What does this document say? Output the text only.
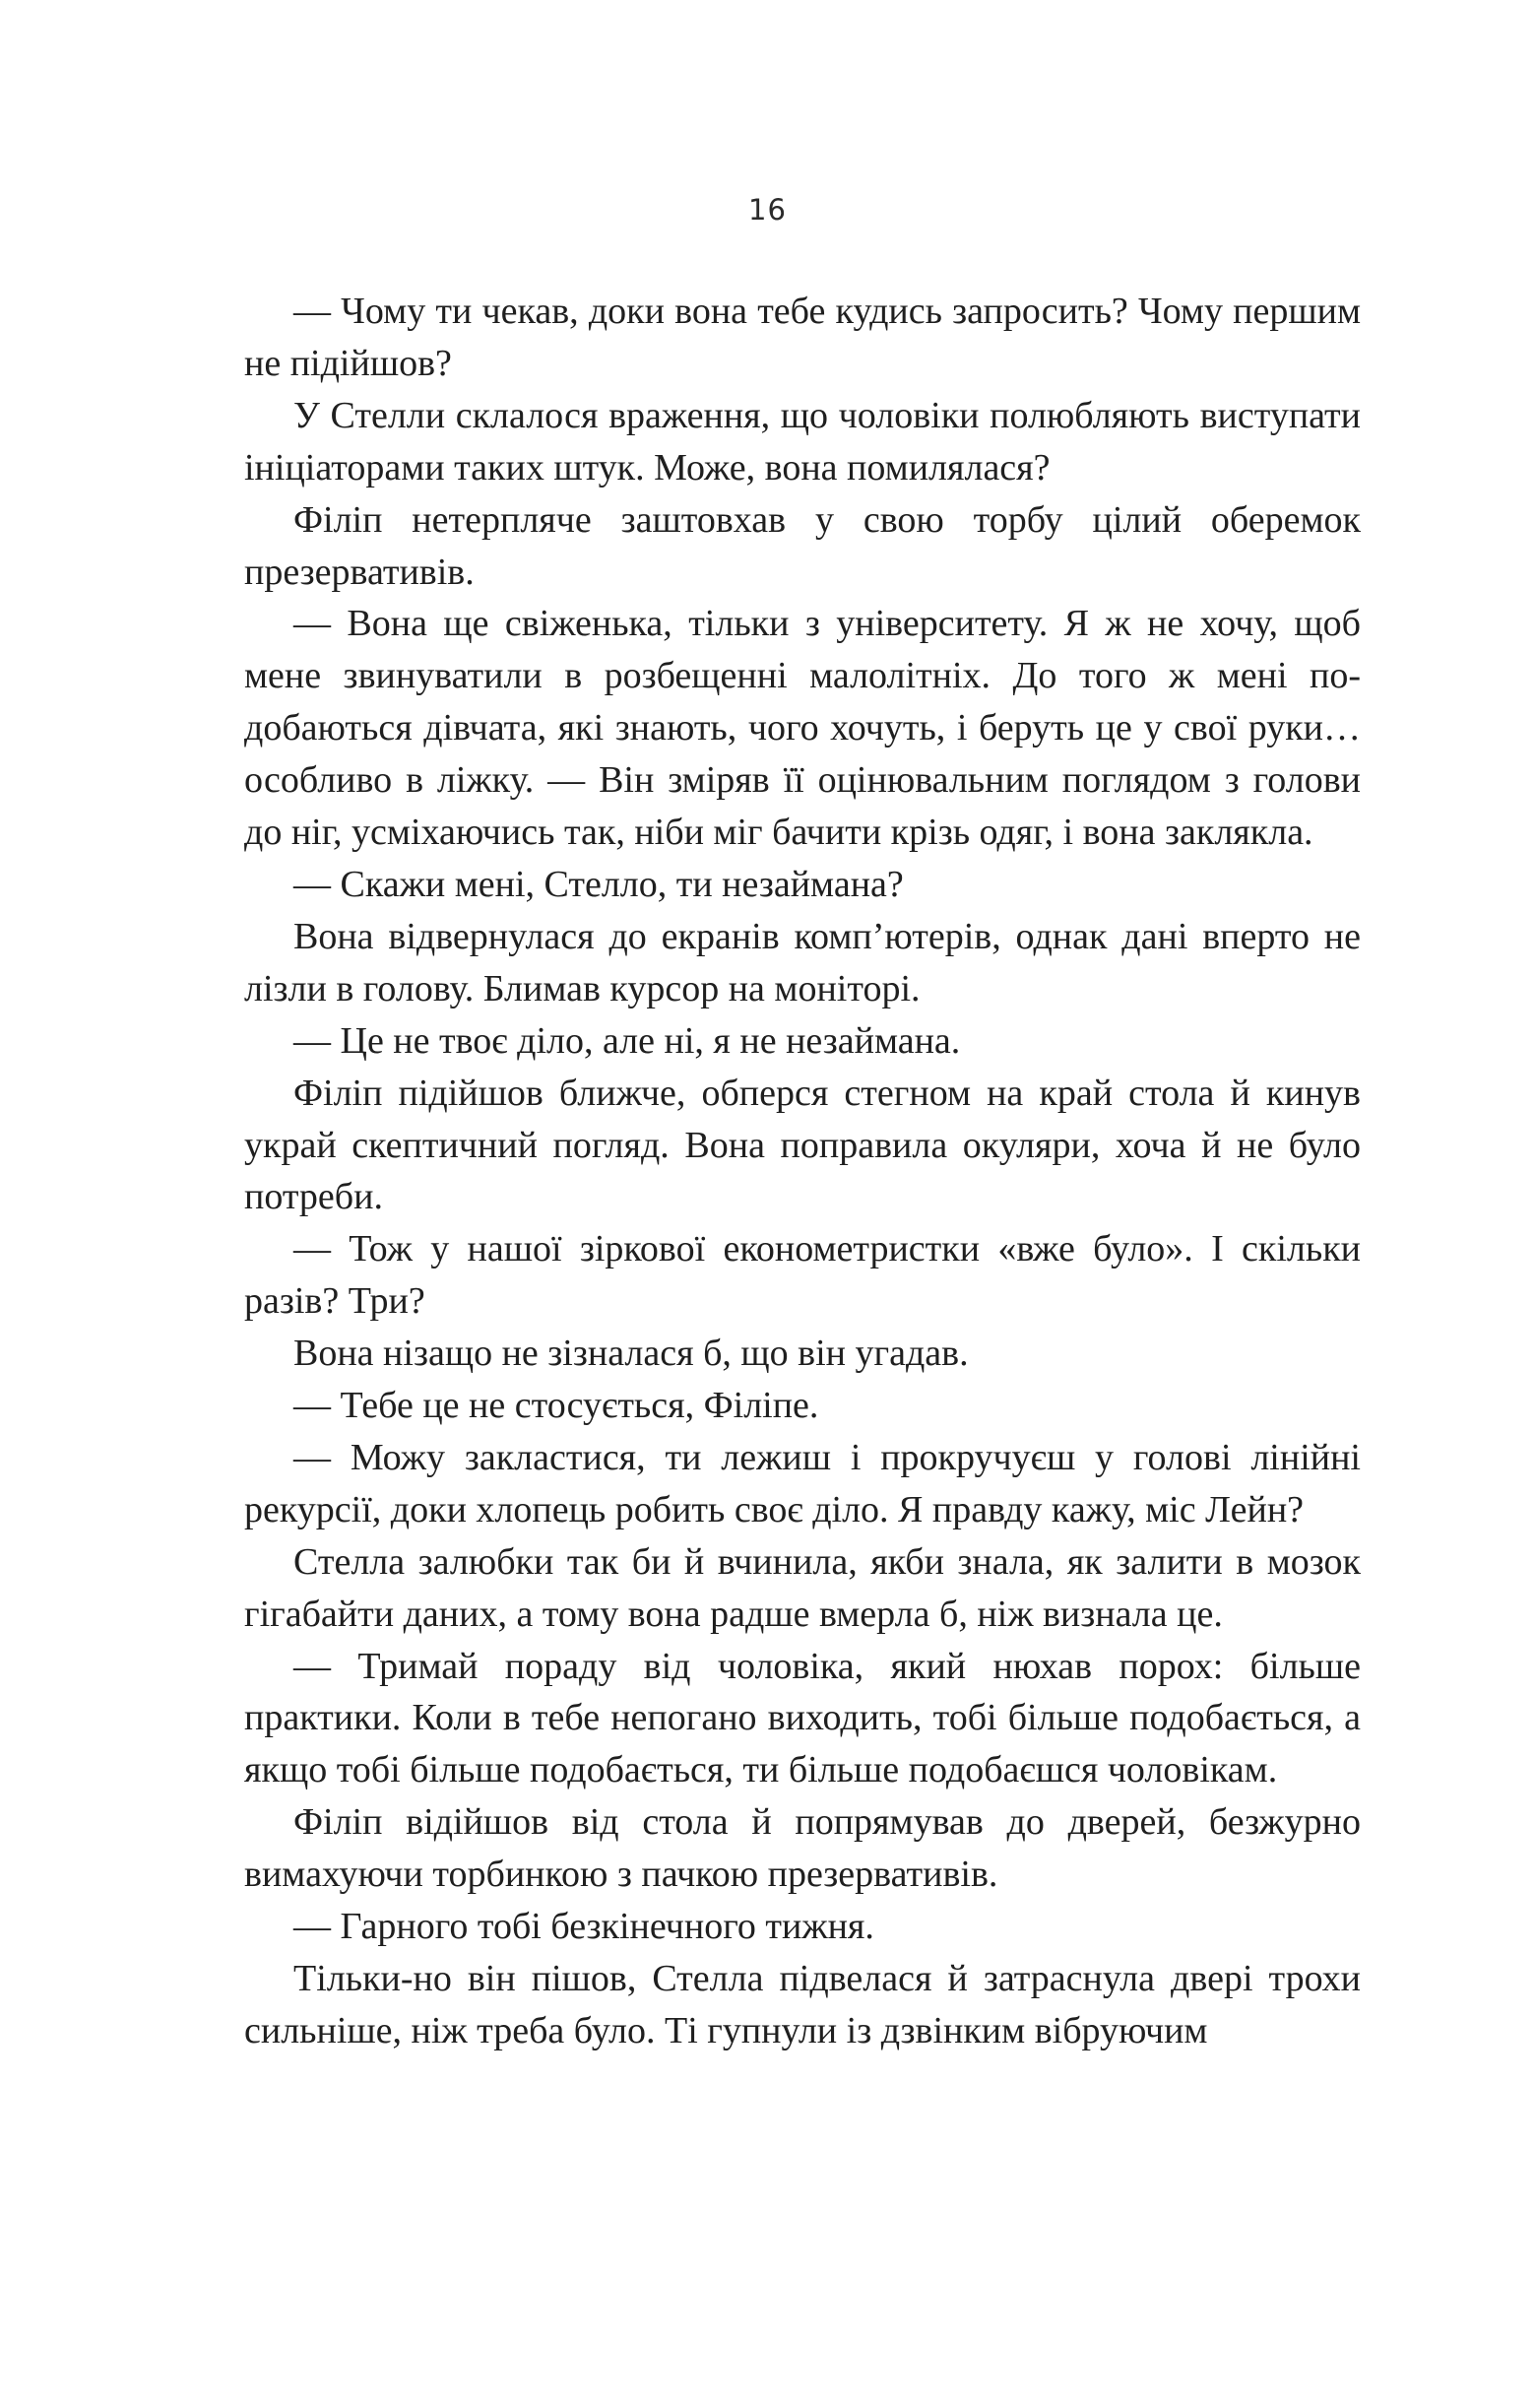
16

— Чому ти чекав, доки вона тебе кудись запросить? Чому першим не підійшов?

У Стелли склалося враження, що чоловіки полюбляють виступати ініціаторами таких штук. Може, вона помилялася?

Філіп нетерпляче заштовхав у свою торбу цілий оберемок презервативів.

— Вона ще свіженька, тільки з університету. Я ж не хочу, щоб мене звинуватили в розбещенні малолітніх. До того ж мені подобаються дівчата, які знають, чого хочуть, і беруть це у свої руки… особливо в ліжку. — Він зміряв її оцінювальним поглядом з голови до ніг, усміхаючись так, ніби міг бачити крізь одяг, і вона заклякла.

— Скажи мені, Стелло, ти незаймана?

Вона відвернулася до екранів комп’ютерів, однак дані вперто не лізли в голову. Блимав курсор на моніторі.

— Це не твоє діло, але ні, я не незаймана.

Філіп підійшов ближче, обперся стегном на край стола й кинув украй скептичний погляд. Вона поправила окуляри, хоча й не було потреби.

— Тож у нашої зіркової економетристки «вже було». І скільки разів? Три?

Вона нізащо не зізналася б, що він угадав.

— Тебе це не стосується, Філіпе.

— Можу закластися, ти лежиш і прокручуєш у голові лінійні рекурсії, доки хлопець робить своє діло. Я правду кажу, міс Лейн?

Стелла залюбки так би й вчинила, якби знала, як залити в мозок гігабайти даних, а тому вона радше вмерла б, ніж визнала це.

— Тримай пораду від чоловіка, який нюхав порох: більше практики. Коли в тебе непогано виходить, тобі більше подобається, а якщо тобі більше подобається, ти більше подобаєшся чоловікам.

Філіп відійшов від стола й попрямував до дверей, безжурно вимахуючи торбинкою з пачкою презервативів.

— Гарного тобі безкінечного тижня.

Тільки-но він пішов, Стелла підвелася й затраснула двері трохи сильніше, ніж треба було. Ті гупнули із дзвінким вібруючим
